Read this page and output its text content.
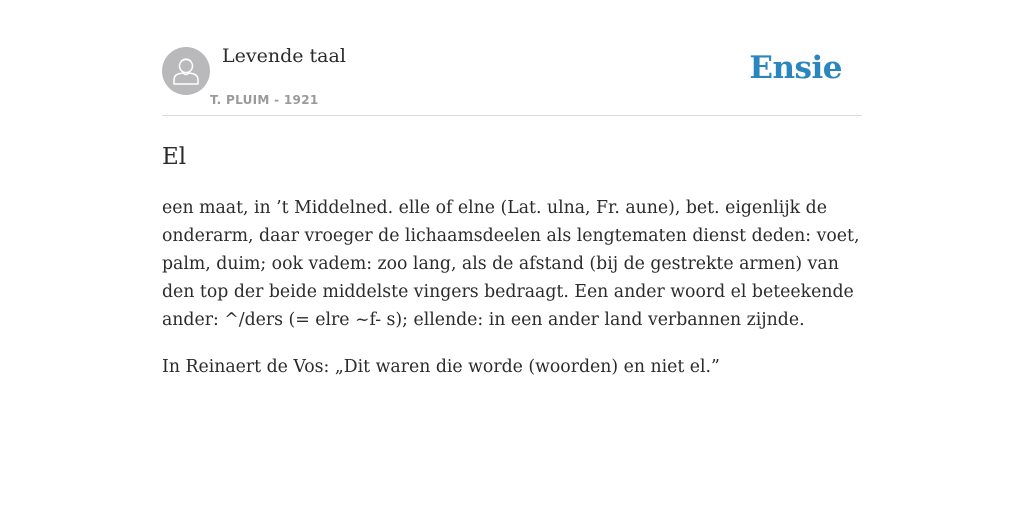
Levende taal
T. PLUIM - 1921
Ensie
El

een maat, in ’t Middelned. elle of elne (Lat. ulna, Fr. aune), bet. eigenlijk de onderarm, daar vroeger de lichaamsdeelen als lengtematen dienst deden: voet, palm, duim; ook vadem: zoo lang, als de afstand (bij de gestrekte armen) van den top der beide middelste vingers bedraagt. Een ander woord el beteekende ander: ^/ders (= elre ~f- s); ellende: in een ander land verbannen zijnde.

In Reinaert de Vos: „Dit waren die worde (woorden) en niet el.”
